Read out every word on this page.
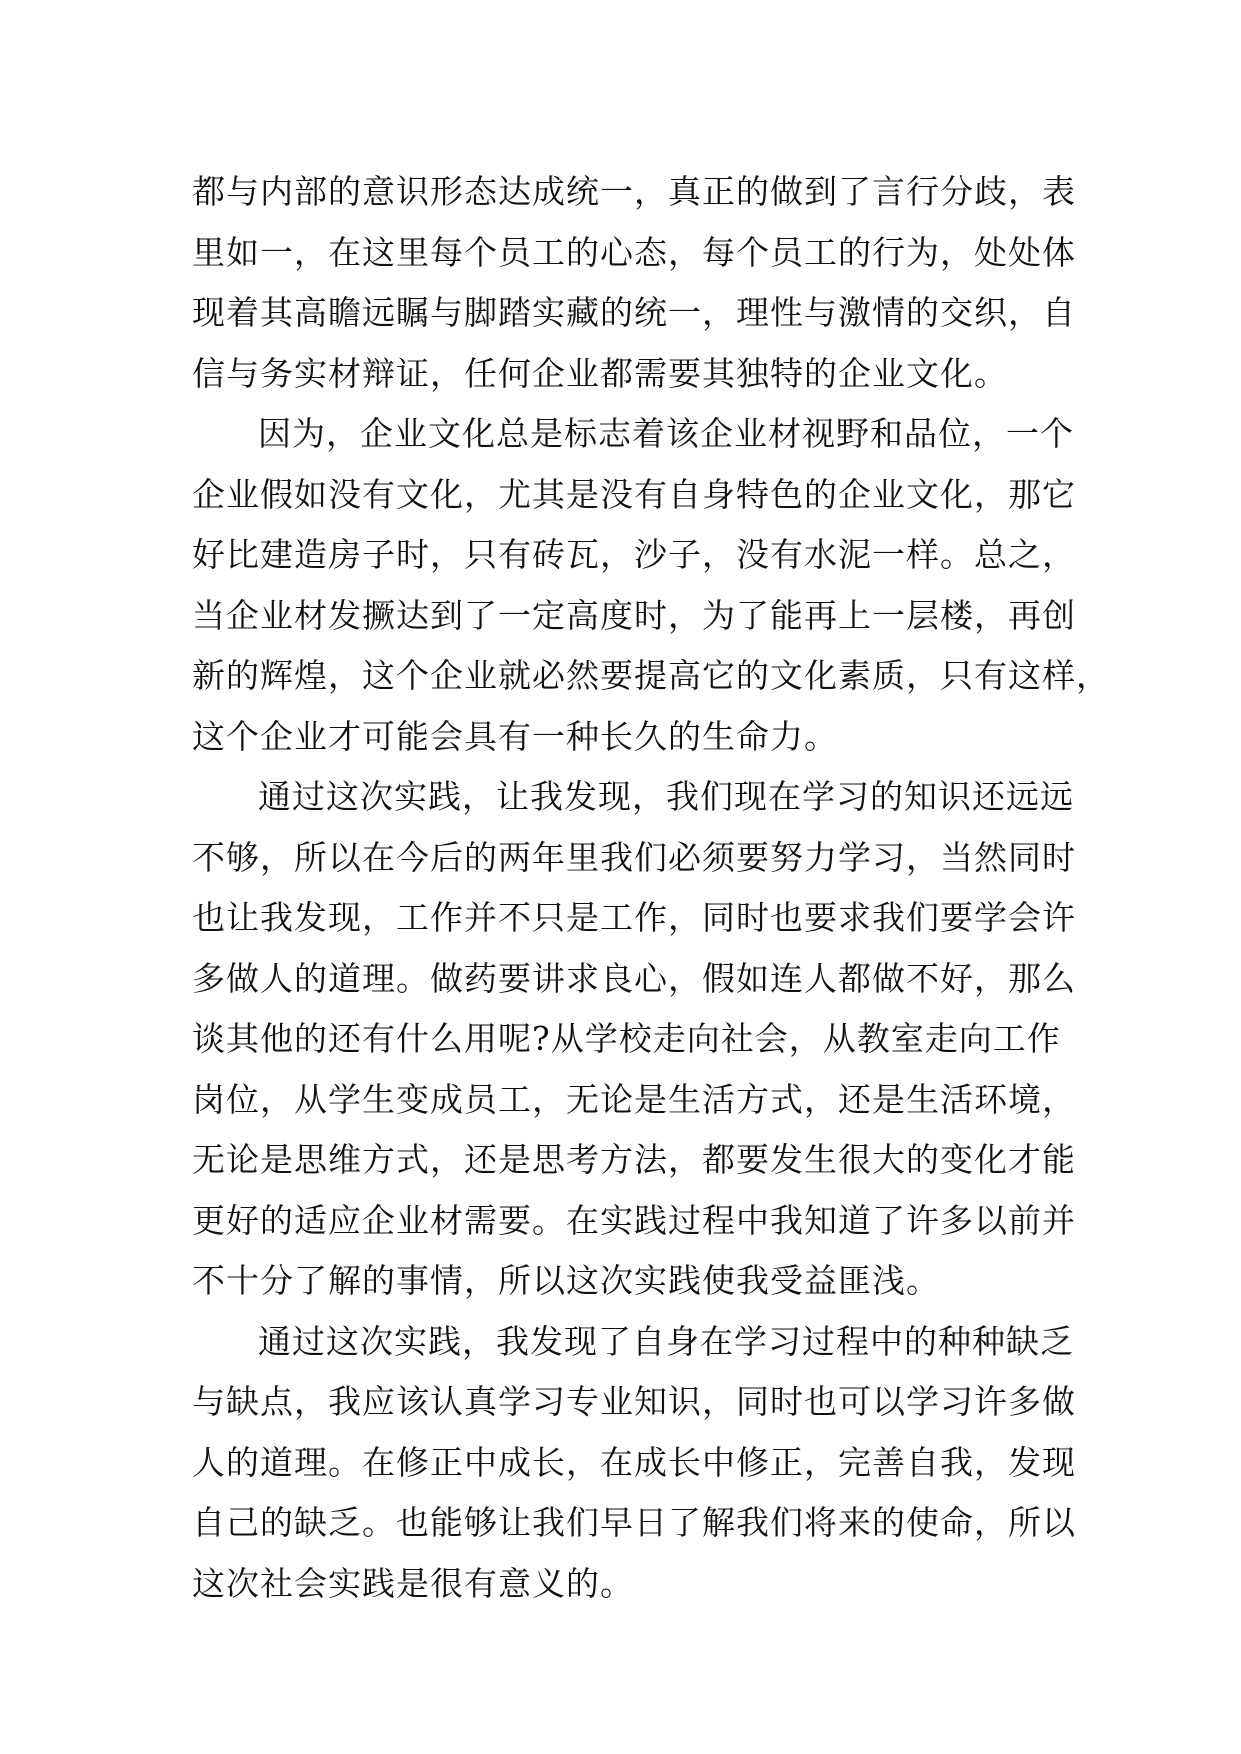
都与内部的意识形态达成统一，真正的做到了言行分歧，表
里如一，在这里每个员工的心态，每个员工的行为，处处体
现着其高瞻远瞩与脚踏实藏的统一，理性与激情的交织，自
信与务实材辩证，任何企业都需要其独特的企业文化。
因为，企业文化总是标志着该企业材视野和品位，一个
企业假如没有文化，尤其是没有自身特色的企业文化，那它
好比建造房子时，只有砖瓦，沙子，没有水泥一样。总之，
当企业材发撅达到了一定高度时，为了能再上一层楼，再创
新的辉煌，这个企业就必然要提高它的文化素质，只有这样，
这个企业才可能会具有一种长久的生命力。
通过这次实践，让我发现，我们现在学习的知识还远远
不够，所以在今后的两年里我们必须要努力学习，当然同时
也让我发现，工作并不只是工作，同时也要求我们要学会许
多做人的道理。做药要讲求良心，假如连人都做不好，那么
谈其他的还有什么用呢?从学校走向社会，从教室走向工作
岗位，从学生变成员工，无论是生活方式，还是生活环境，
无论是思维方式，还是思考方法，都要发生很大的变化才能
更好的适应企业材需要。在实践过程中我知道了许多以前并
不十分了解的事情，所以这次实践使我受益匪浅。
通过这次实践，我发现了自身在学习过程中的种种缺乏
与缺点，我应该认真学习专业知识，同时也可以学习许多做
人的道理。在修正中成长，在成长中修正，完善自我，发现
自己的缺乏。也能够让我们早日了解我们将来的使命，所以
这次社会实践是很有意义的。
